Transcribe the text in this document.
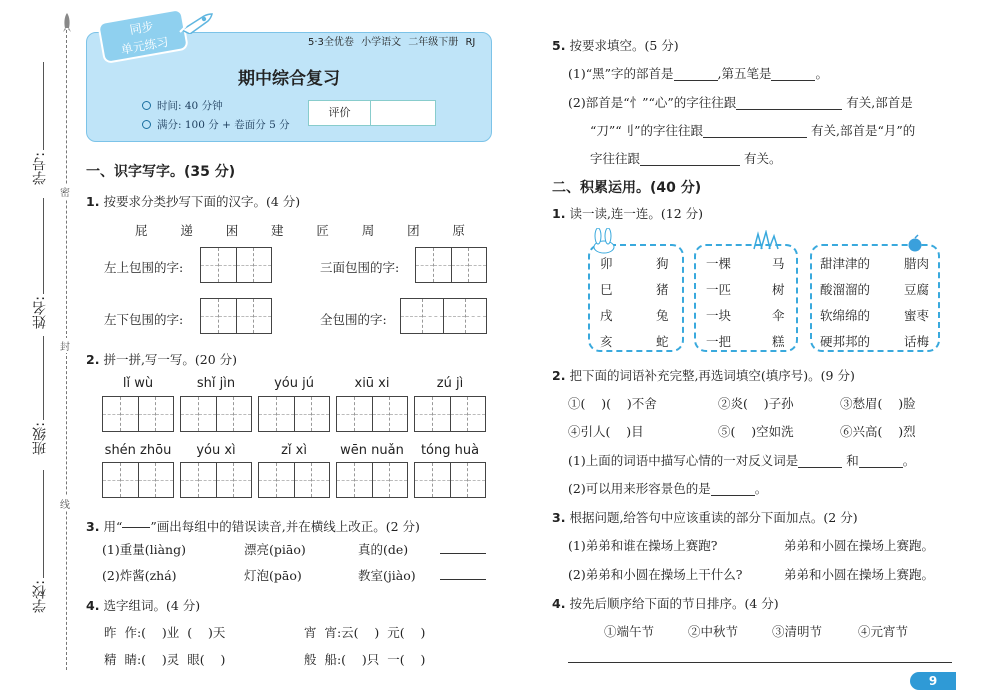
学号:
姓名:
班级:
学校:
密
封
线
同步
单元练习	5·3全优卷 小学语文 二年级下册 RJ
期中综合复习
时间: 40 分钟
满分: 100 分 + 卷面分 5 分
评价
一、识字写字。(35 分)
1. 按要求分类抄写下面的汉字。(4 分)
屁	递	困	建	匠	周	团	原
左上包围的字:	三面包围的字:
左下包围的字:	全包围的字:
2. 拼一拼,写一写。(20 分)
lǐ wù	shǐ jìn	yóu jú	xiū xi	zú jì
shén zhōu	yóu xì	zǐ xì	wēn nuǎn	tóng huà
3. 用“ ”画出每组中的错误读音,并在横线上改正。(2 分)
(1)重量(liàng)	漂亮(piāo)	真的(de)
(2)炸酱(zhá)	灯泡(pāo)	教室(jiào)
4. 选字组词。(4 分)
昨  作:(    )业  (    )天	宵  宵:云(    )  元(    )
精  睛:(    )灵  眼(    )	般  船:(    )只  一(    )
5. 按要求填空。(5 分)
(1)“黑”字的部首是	,第五笔是	。
(2)部首是“忄”“心”的字往往跟	有关,部首是
“刀”“刂”的字往往跟	有关,部首是“月”的
字往往跟	有关。
二、积累运用。(40 分)
1. 读一读,连一连。(12 分)
卯	狗
巳	猪
戌	兔
亥	蛇
一棵	马
一匹	树
一块	伞
一把	糕
甜津津的	腊肉
酸溜溜的	豆腐
软绵绵的	蜜枣
硬邦邦的	话梅
2. 把下面的词语补充完整,再选词填空(填序号)。(9 分)
①(    )(    )不舍	②炎(    )子孙	③愁眉(    )脸
④引人(    )目	⑤(    )空如洗	⑥兴高(    )烈
(1)上面的词语中描写心情的一对反义词是	和	。
(2)可以用来形容景色的是	。
3. 根据问题,给答句中应该重读的部分下面加点。(2 分)
(1)弟弟和谁在操场上赛跑?	弟弟和小圆在操场上赛跑。
(2)弟弟和小圆在操场上干什么?	弟弟和小圆在操场上赛跑。
4. 按先后顺序给下面的节日排序。(4 分)
①端午节	②中秋节	③清明节	④元宵节
9
